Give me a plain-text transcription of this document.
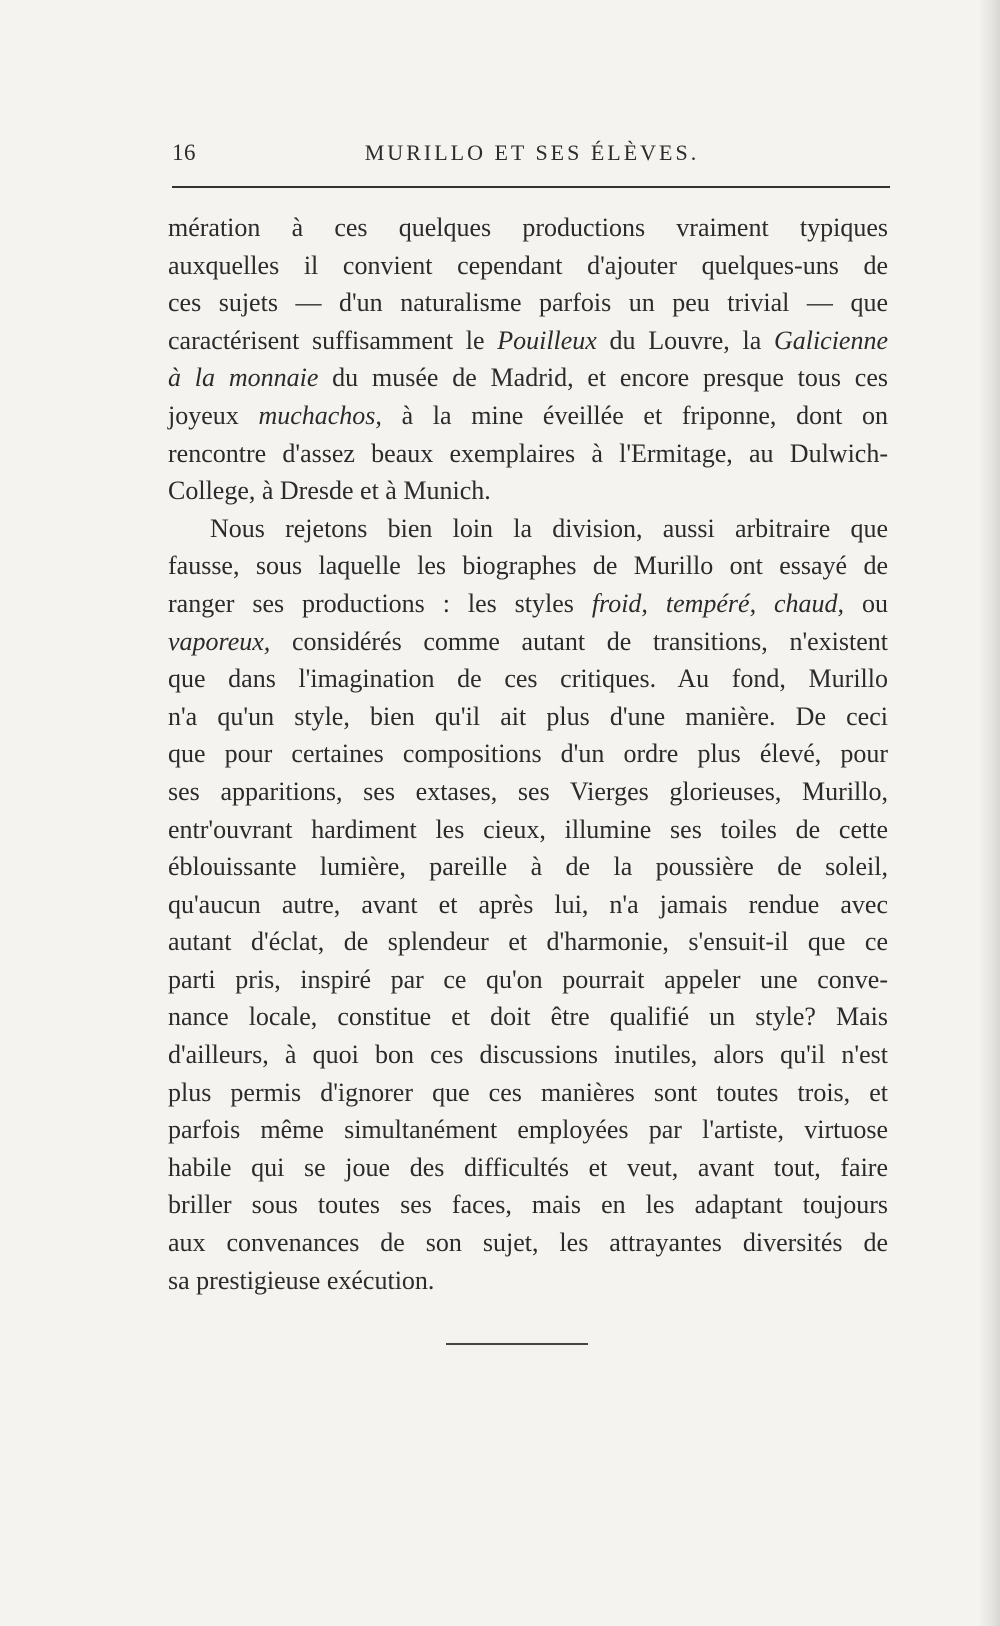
16	MURILLO ET SES ÉLÈVES.
mération à ces quelques productions vraiment typiques
auxquelles il convient cependant d'ajouter quelques-uns de
ces sujets — d'un naturalisme parfois un peu trivial — que
caractérisent suffisamment le Pouilleux du Louvre, la Galicienne
à la monnaie du musée de Madrid, et encore presque tous ces
joyeux muchachos, à la mine éveillée et friponne, dont on
rencontre d'assez beaux exemplaires à l'Ermitage, au Dulwich-
College, à Dresde et à Munich.
Nous rejetons bien loin la division, aussi arbitraire que
fausse, sous laquelle les biographes de Murillo ont essayé de
ranger ses productions : les styles froid, tempéré, chaud, ou
vaporeux, considérés comme autant de transitions, n'existent
que dans l'imagination de ces critiques. Au fond, Murillo
n'a qu'un style, bien qu'il ait plus d'une manière. De ceci
que pour certaines compositions d'un ordre plus élevé, pour
ses apparitions, ses extases, ses Vierges glorieuses, Murillo,
entr'ouvrant hardiment les cieux, illumine ses toiles de cette
éblouissante lumière, pareille à de la poussière de soleil,
qu'aucun autre, avant et après lui, n'a jamais rendue avec
autant d'éclat, de splendeur et d'harmonie, s'ensuit-il que ce
parti pris, inspiré par ce qu'on pourrait appeler une conve-
nance locale, constitue et doit être qualifié un style? Mais
d'ailleurs, à quoi bon ces discussions inutiles, alors qu'il n'est
plus permis d'ignorer que ces manières sont toutes trois, et
parfois même simultanément employées par l'artiste, virtuose
habile qui se joue des difficultés et veut, avant tout, faire
briller sous toutes ses faces, mais en les adaptant toujours
aux convenances de son sujet, les attrayantes diversités de
sa prestigieuse exécution.
